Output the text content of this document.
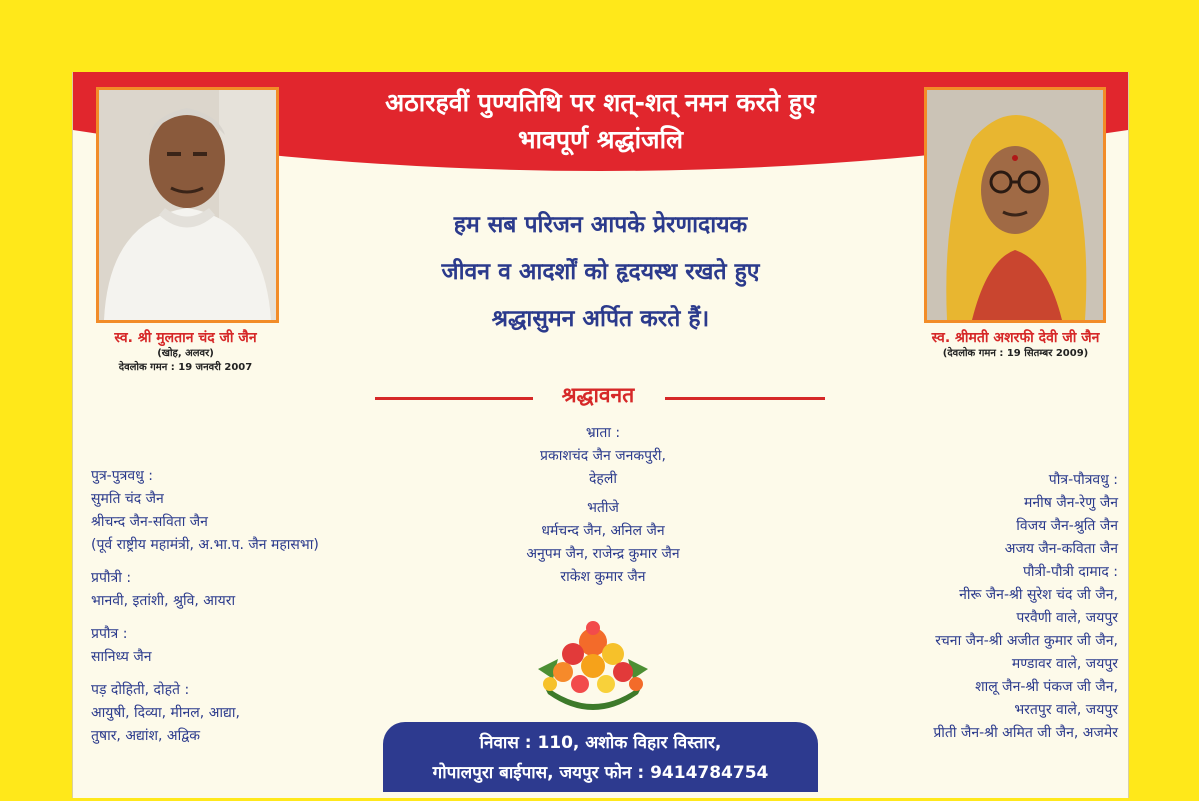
अठारहवीं पुण्यतिथि पर शत्-शत् नमन करते हुए
भावपूर्ण श्रद्धांजलि
स्व. श्री मुलतान चंद जी जैन
(खोह, अलवर)
देवलोक गमन : 19 जनवरी 2007
स्व. श्रीमती अशरफी देवी जी जैन
(देवलोक गमन : 19 सितम्बर 2009)
हम सब परिजन आपके प्रेरणादायक
जीवन व आदर्शों को हृदयस्थ रखते हुए
श्रद्धासुमन अर्पित करते हैं।
श्रद्धावनत
भ्राता :
प्रकाशचंद जैन जनकपुरी,
देहली
भतीजे
धर्मचन्द जैन, अनिल जैन
अनुपम जैन, राजेन्द्र कुमार जैन
राकेश कुमार जैन
पुत्र-पुत्रवधु :
सुमति चंद जैन
श्रीचन्द जैन-सविता जैन
(पूर्व राष्ट्रीय महामंत्री, अ.भा.प. जैन महासभा)
प्रपौत्री :
भानवी, इतांशी, श्रुवि, आयरा
प्रपौत्र :
सानिध्य जैन
पड़ दोहिती, दोहते :
आयुषी, दिव्या, मीनल, आद्या,
तुषार, अद्यांश, अद्विक
पौत्र-पौत्रवधु :
मनीष जैन-रेणु जैन
विजय जैन-श्रुति जैन
अजय जैन-कविता जैन
पौत्री-पौत्री दामाद :
नीरू जैन-श्री सुरेश चंद जी जैन,
परवैणी वाले, जयपुर
रचना जैन-श्री अजीत कुमार जी जैन,
मण्डावर वाले, जयपुर
शालू जैन-श्री पंकज जी जैन,
भरतपुर वाले, जयपुर
प्रीती जैन-श्री अमित जी जैन, अजमेर
निवास : 110, अशोक विहार विस्तार,
गोपालपुरा बाईपास, जयपुर फोन : 9414784754
